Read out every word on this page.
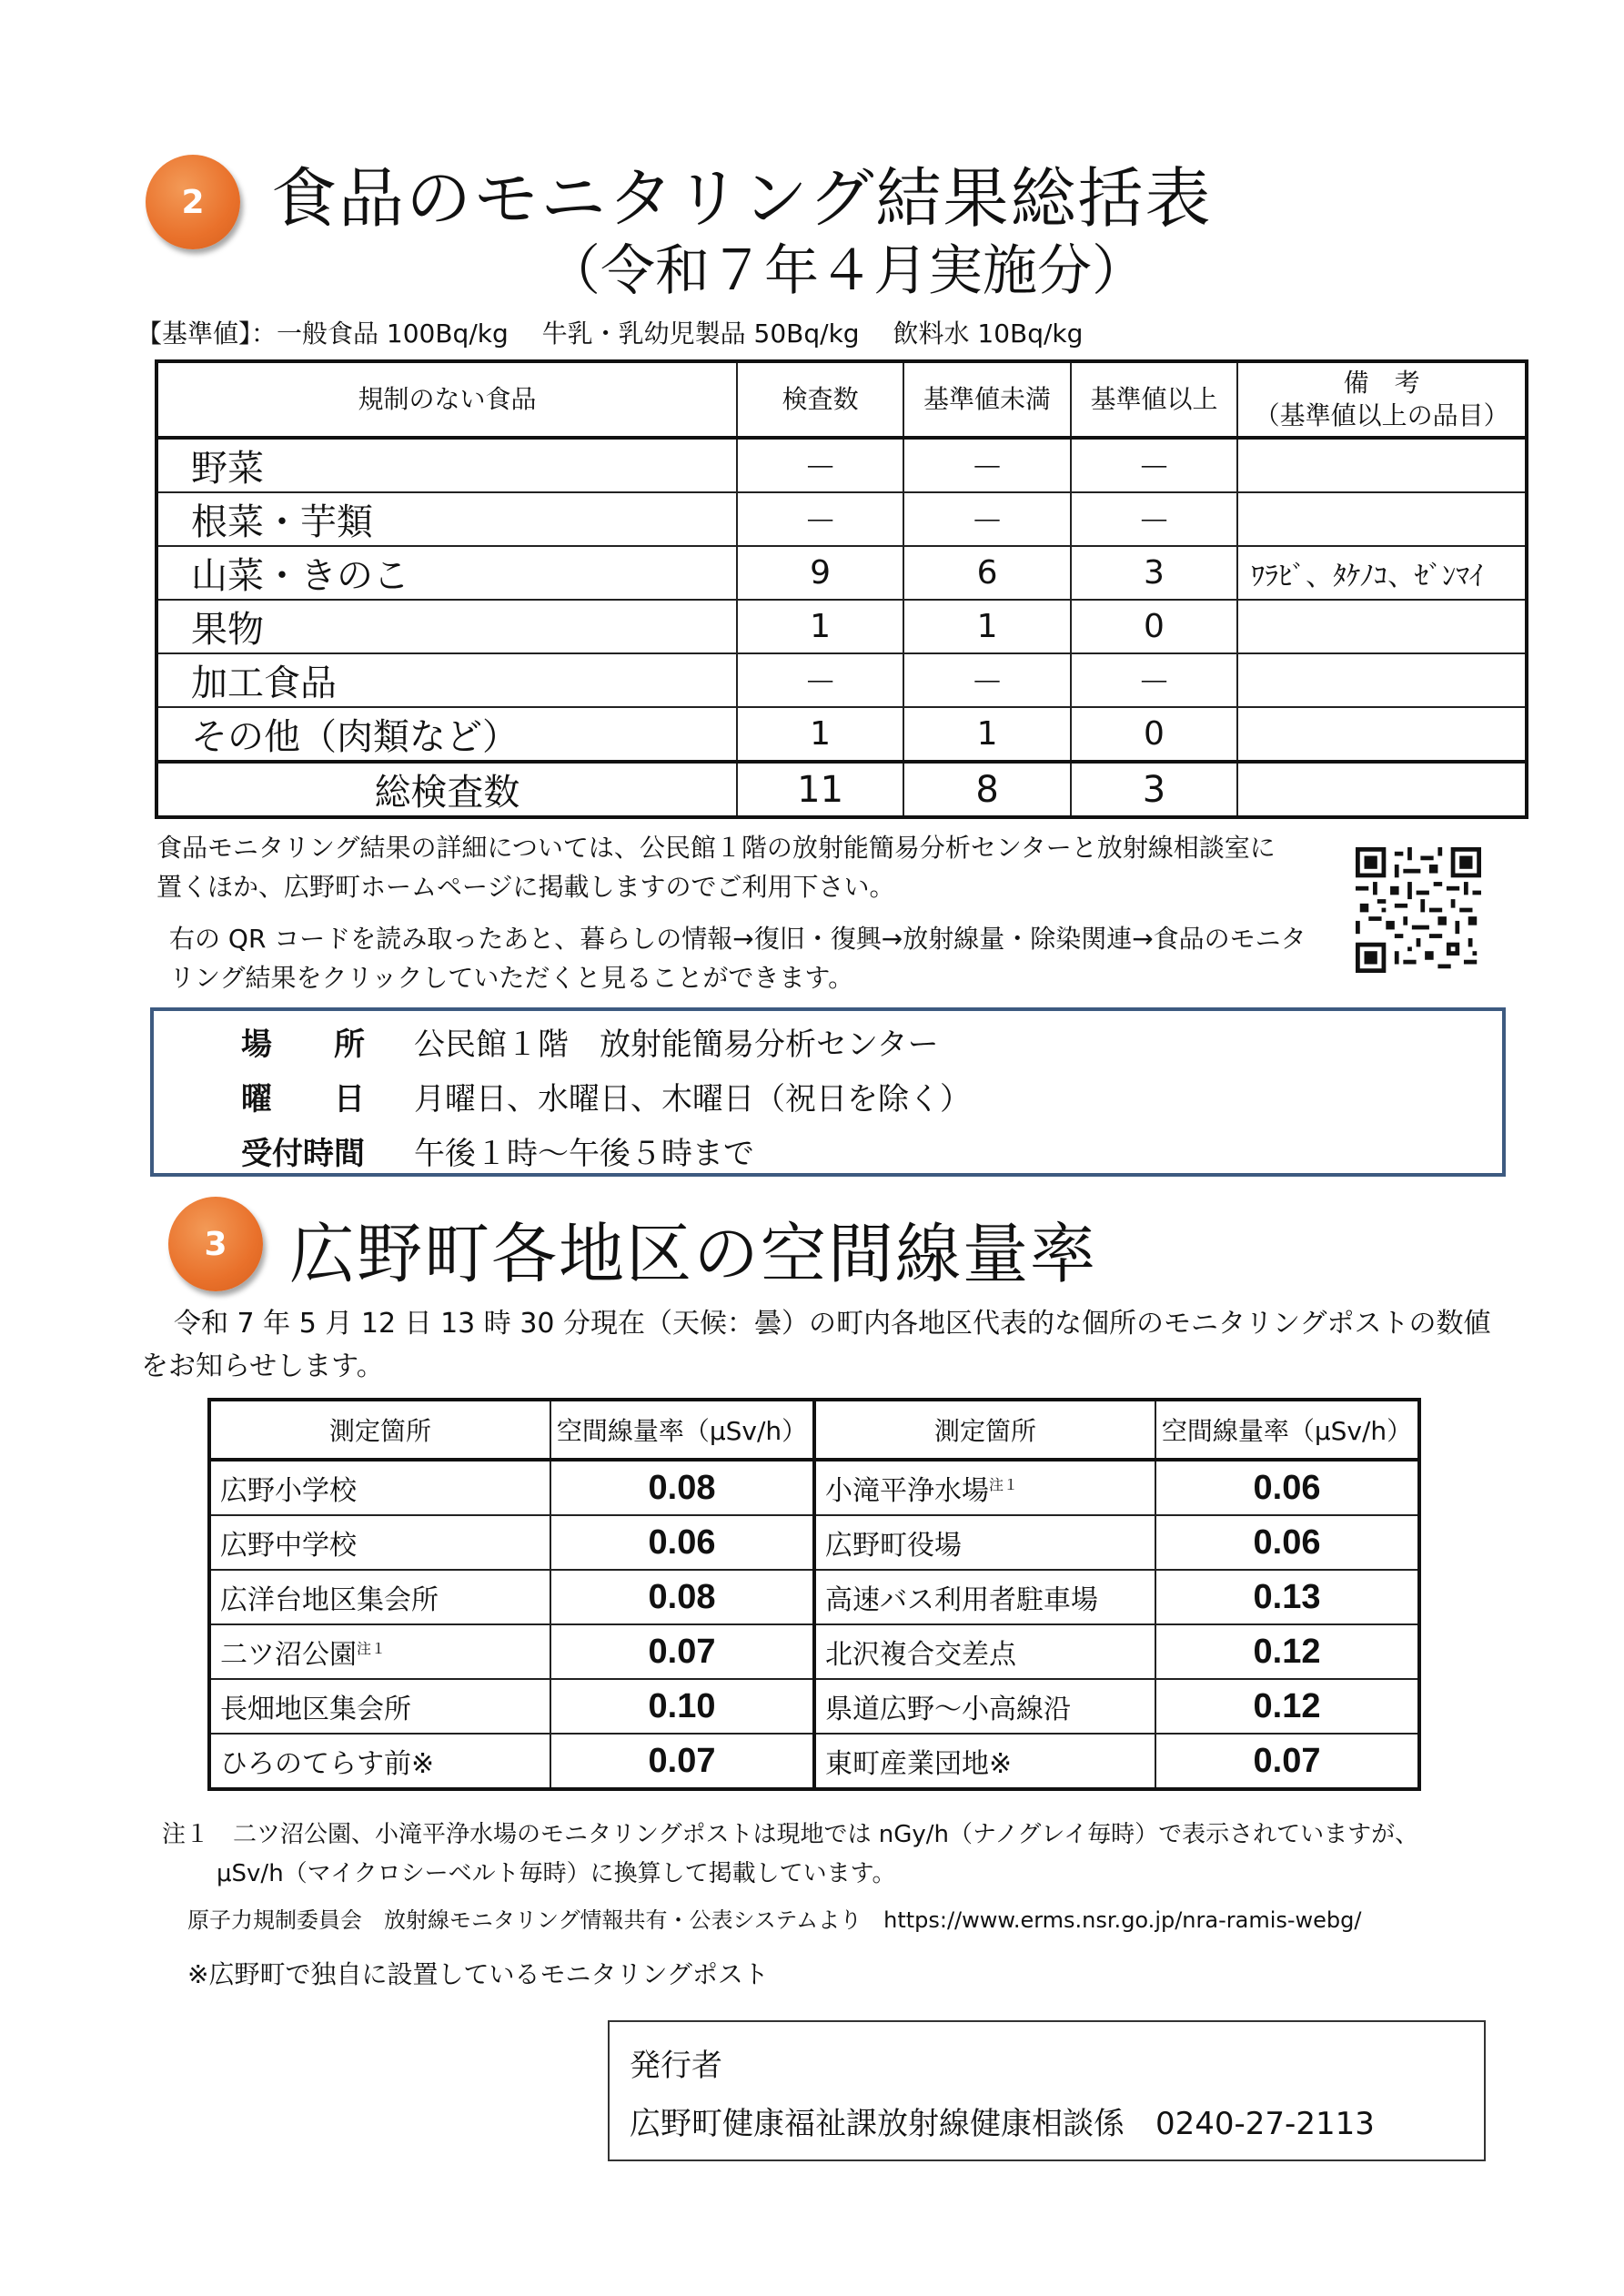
2 食品のモニタリング結果総括表
（令和７年４月実施分）
【基準値】：一般食品 100Bq/kg　 牛乳・乳幼児製品 50Bq/kg　 飲料水 10Bq/kg
規制のない食品	検査数	基準値未満	基準値以上	備　考
（基準値以上の品目）

野菜	－	－	－	
根菜・芋類	－	－	－	
山菜・きのこ	9	6	3	ﾜﾗﾋﾞ、ﾀｹﾉｺ、ｾﾞﾝﾏｲ
果物	1	1	0	
加工食品	－	－	－	
その他（肉類など）	1	1	0	
総検査数	11	8	3	
食品モニタリング結果の詳細については、公民館１階の放射能簡易分析センターと放射線相談室に
置くほか、広野町ホームページに掲載しますのでご利用下さい。
右の QR コードを読み取ったあと、暮らしの情報→復旧・復興→放射線量・除染関連→食品のモニタ
リング結果をクリックしていただくと見ることができます。
場　　所 公民館１階　放射能簡易分析センター
曜　　日 月曜日、水曜日、木曜日（祝日を除く）
受付時間 午後１時～午後５時まで
3 広野町各地区の空間線量率
令和 7 年 5 月 12 日 13 時 30 分現在（天候：曇）の町内各地区代表的な個所のモニタリングポストの数値
をお知らせします。
測定箇所	空間線量率（μSv/h）	測定箇所	空間線量率（μSv/h）
広野小学校	0.08	小滝平浄水場$^{注1}$	0.06
広野中学校	0.06	広野町役場	0.06
広洋台地区集会所	0.08	高速バス利用者駐車場	0.13
二ツ沼公園$^{注1}$	0.07	北沢複合交差点	0.12
長畑地区集会所	0.10	県道広野～小高線沿	0.12
ひろのてらす前※	0.07	東町産業団地※	0.07
注１　二ツ沼公園、小滝平浄水場のモニタリングポストは現地では nGy/h（ナノグレイ毎時）で表示されていますが、
μSv/h（マイクロシーベルト毎時）に換算して掲載しています。
原子力規制委員会　放射線モニタリング情報共有・公表システムより　https://www.erms.nsr.go.jp/nra-ramis-webg/
※広野町で独自に設置しているモニタリングポスト
発行者
広野町健康福祉課放射線健康相談係　0240-27-2113
